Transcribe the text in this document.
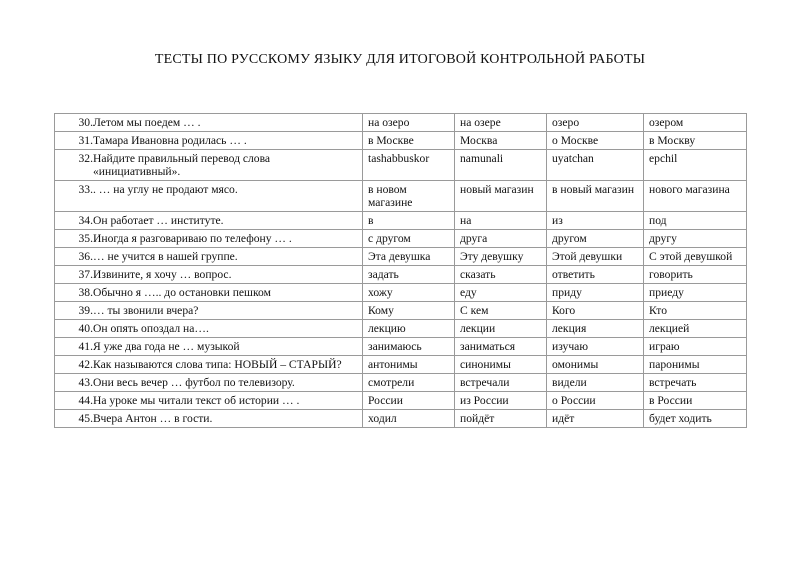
ТЕСТЫ ПО РУССКОМУ ЯЗЫКУ ДЛЯ ИТОГОВОЙ КОНТРОЛЬНОЙ РАБОТЫ
30. Летом мы поедем … .	на озеро	на озере	озеро	озером

31. Тамара Ивановна родилась … .	в Москве	Москва	о Москве	в Москву

32. Найдите правильный перевод слова «инициативный».	tashabbuskor	namunali	uyatchan	epchil

33. . … на углу не продают мясо.	в новом магазине	новый магазин	в новый магазин	нового магазина

34. Он работает … институте.	в	на	из	под

35. Иногда я разговариваю по телефону … .	с другом	друга	другом	другу

36. … не учится в нашей группе.	Эта девушка	Эту девушку	Этой девушки	С этой девушкой

37. Извините, я хочу … вопрос.	задать	сказать	ответить	говорить

38. Обычно я ….. до остановки пешком	хожу	еду	приду	приеду

39. … ты звонили вчера?	Кому	С кем	Кого	Кто

40. Он опять опоздал на….	лекцию	лекции	лекция	лекцией

41. Я уже два года не … музыкой	занимаюсь	заниматься	изучаю	играю

42. Как называются слова типа: НОВЫЙ – СТАРЫЙ?	антонимы	синонимы	омонимы	паронимы

43. Они весь вечер … футбол по телевизору.	смотрели	встречали	видели	встречать

44. На уроке мы читали текст об истории … .	России	из России	о России	в России

45. Вчера Антон … в гости.	ходил	пойдёт	идёт	будет ходить
